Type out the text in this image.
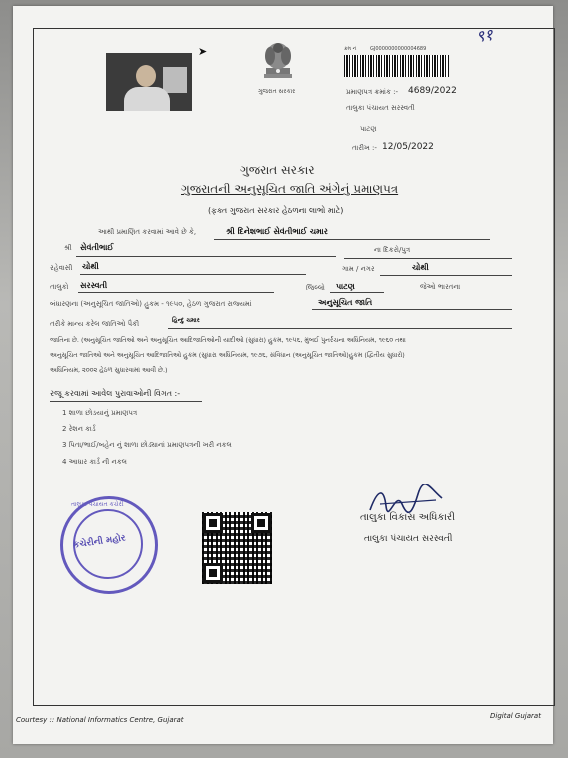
९१
➤
ગુજરાત સરકાર
ક્રમ નં	GJ0000000000004689
પ્રમાણપત્ર ક્રમાંક :- 4689/2022
તાલુકા પંચાયત સરસ્વતી
પાટણ
તારીખ :- 12/05/2022
ગુજરાત સરકાર
ગુજરાતની અનુસૂચિત જાતિ અંગેનું પ્રમાણપત્ર
(ફક્ત ગુજરાત સરકાર હેઠળના લાભો માટે)
આથી પ્રમાણિત કરવામાં આવે છે કે,	શ્રી દિનેશભાઈ સેવંતીભાઈ ચમાર
શ્રી સેવંતીભાઈ	ના દિકરો/પુત્ર
રહેવાસી ચોથી	ગામ / નગર	ચોથી
તાલુકો સરસ્વતી	જિલ્લો પાટણ	જેઓ ભારતના
બંધારણના (અનુસૂચિત જાતિઓ) હુકમ - ૧૯૫૦, હેઠળ ગુજરાત રાજ્યમાં	અનુસૂચિત જાતિ
તરીકે માન્ય કરેલ જાતિઓ પૈકી	હિન્દુ ચમાર
જાતિના છે. (અનુસૂચિત જાતિઓ અને અનુસૂચિત આદિજાતિઓની યાદીઓ (સુધારા) હુકમ, ૧૯૫૬, મુંબઈ પુનર્રચના અધિનિયમ, ૧૯૬૦ તથા
અનુસૂચિત જાતિઓ અને અનુસૂચિત આદિજાતિઓ હુકમ (સુધારા અધિનિયમ, ૧૯૭૬, સંવિધાન (અનુસૂચિત જાતિઓ)હુકમ (દ્વિતીય સુધારો)
અધિનિયમ, ૨૦૦૨ હેઠળ સુધારવામાં આવી છે.)
રજૂ કરવામાં આવેલ પુરાવાઓની વિગત :-
1 શાળા છોડયાનું પ્રમાણપત્ર
2 રેશન કાર્ડ
3 પિતા/ભાઈ/બહેન નું શાળા છોડ્યાનાં પ્રમાણપત્રની ખરી નકલ
4 આધાર કાર્ડ ની નકલ
તાલુકા પંચાયત કચેરી
કચેરીની મહોર
તાલુકા વિકાસ અધિકારી
તાલુકા પંચાયત સરસ્વતી
Courtesy :: National Informatics Centre, Gujarat	Digital Gujarat
